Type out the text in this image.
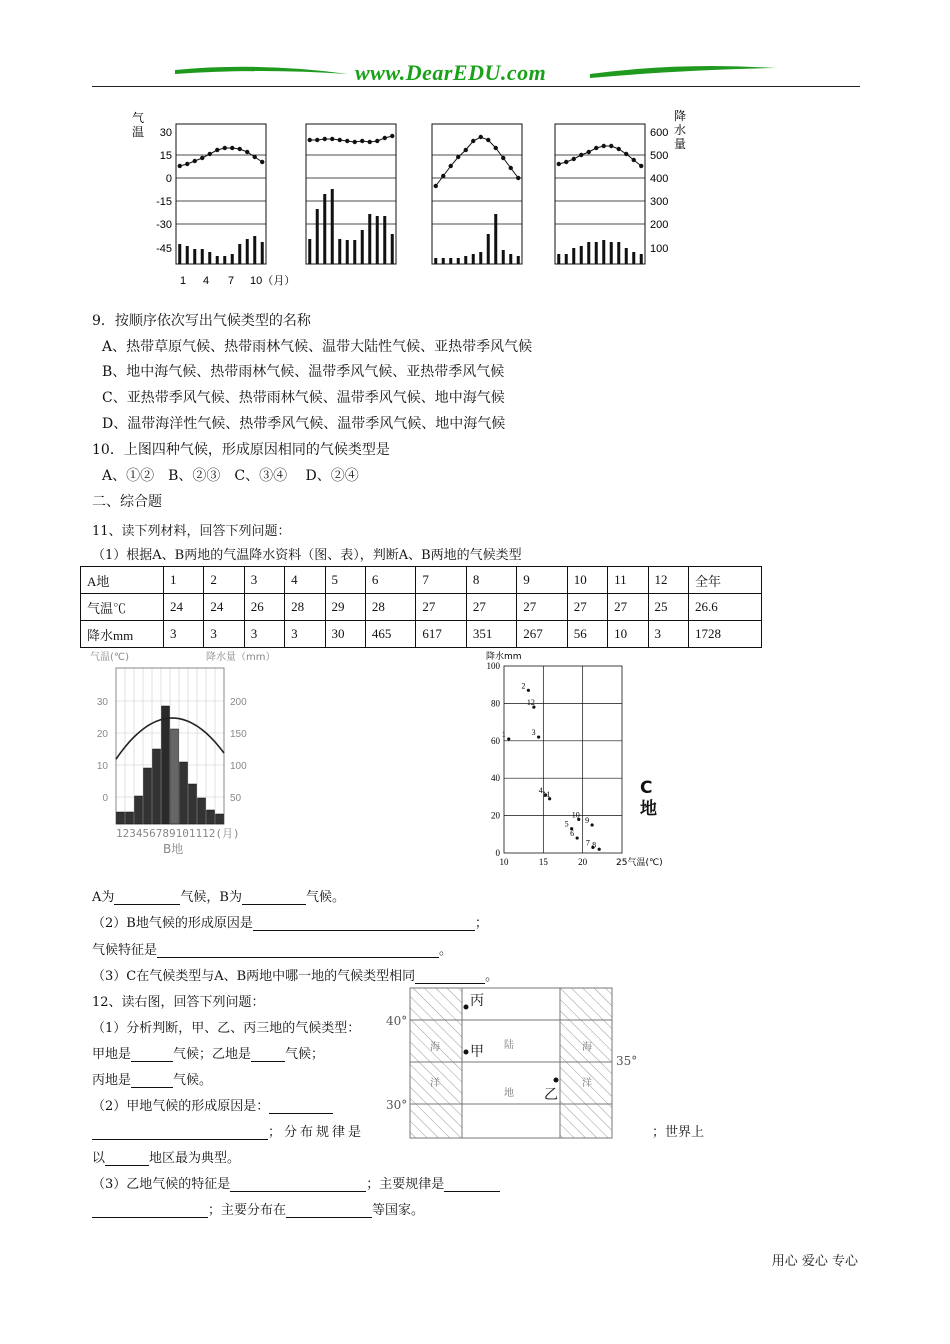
www.DearEDU.com
气
温 30
15
0
-15
-30
-45
600
500
400
300
200
100
降
水
量
1 4 7 10（月）
9．按顺序依次写出气候类型的名称
A、热带草原气候、热带雨林气候、温带大陆性气候、亚热带季风气候
B、地中海气候、热带雨林气候、温带季风气候、亚热带季风气候
C、亚热带季风气候、热带雨林气候、温带季风气候、地中海气候
D、温带海洋性气候、热带季风气候、温带季风气候、地中海气候
10．上图四种气候，形成原因相同的气候类型是
A、①②　B、②③　C、③④　 D、②④
二、综合题
11、读下列材料，回答下列问题：
（1）根据A、B两地的气温降水资料（图、表），判断A、B两地的气候类型
A地	1	2	3	4	5	6	7	8	9	10	11	12	全年
气温℃	24	24	26	28	29	28	27	27	27	27	27	25	26.6
降水mm	3	3	3	3	30	465	617	351	267	56	10	3	1728
气温(℃)	降水量（mm）
30
20
10
0
200
150
100
50
123456789101112(月)
B地
降水mm
100
80
60
40
20
0
10	15	20	25气温(℃)
1
2
12
3
4 11
10
5 9
6
7 8
C
地
A为	气候，B为	气候。
（2）B地气候的形成原因是	；
气候特征是	。
（3）C在气候类型与A、B两地中哪一地的气候类型相同	。
12、读右图，回答下列问题：
（1）分析判断，甲、乙、丙三地的气候类型：
甲地是	气候；乙地是	气候；
丙地是	气候。
（2）甲地气候的形成原因是：
；分布规律是	；世界上
以	地区最为典型。
（3）乙地气候的特征是	；主要规律是
；主要分布在	等国家。
40°
35°
30°
丙
甲
乙
海
洋
陆
地
海
洋
用心 爱心 专心
